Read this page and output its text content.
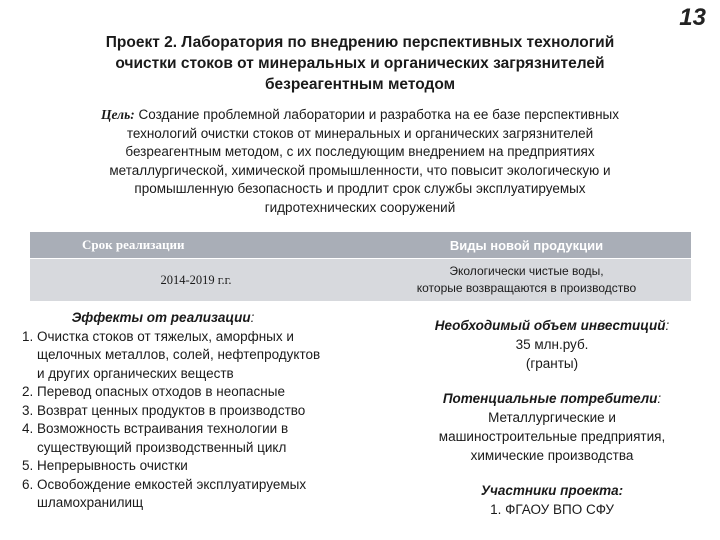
13
Проект 2. Лаборатория по внедрению перспективных технологий
очистки стоков от минеральных и органических загрязнителей
безреагентным методом
Цель: Создание проблемной лаборатории и разработка на ее базе перспективных
технологий очистки стоков от минеральных и органических загрязнителей
безреагентным методом, с их последующим внедрением на предприятиях
металлургической, химической промышленности, что повысит экологическую и
промышленную безопасность и продлит срок службы эксплуатируемых
гидротехнических сооружений
Срок реализации	Виды новой продукции
2014-2019 г.г.	Экологически чистые воды,
которые возвращаются в производство
Эффекты от реализации:
1. Очистка стоков от тяжелых, аморфных и
щелочных металлов, солей, нефтепродуктов
и других органических веществ
2. Перевод опасных отходов в неопасные
3. Возврат ценных продуктов в производство
4. Возможность встраивания технологии в
существующий производственный цикл
5. Непрерывность очистки
6. Освобождение емкостей эксплуатируемых
шламохранилищ
Необходимый объем инвестиций:
35 млн.руб.
(гранты)
Потенциальные потребители:
Металлургические и
машиностроительные предприятия,
химические производства
Участники проекта:
1. ФГАОУ ВПО СФУ
